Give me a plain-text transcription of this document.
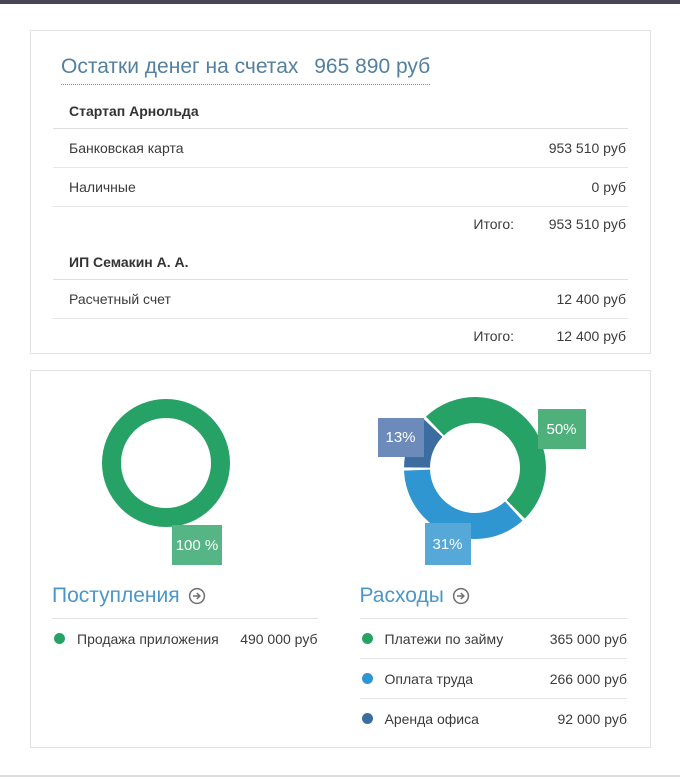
Остатки денег на счетах 965 890 руб
Стартап Арнольда
Банковская карта	953 510 руб
Наличные	0 руб
Итого:	953 510 руб
ИП Семакин А. А.
Расчетный счет	12 400 руб
Итого:	12 400 руб
100 %
Поступления
Продажа приложения	490 000 руб
50%
31%
13%
Расходы
Платежи по займу	365 000 руб
Оплата труда	266 000 руб
Аренда офиса	92 000 руб
